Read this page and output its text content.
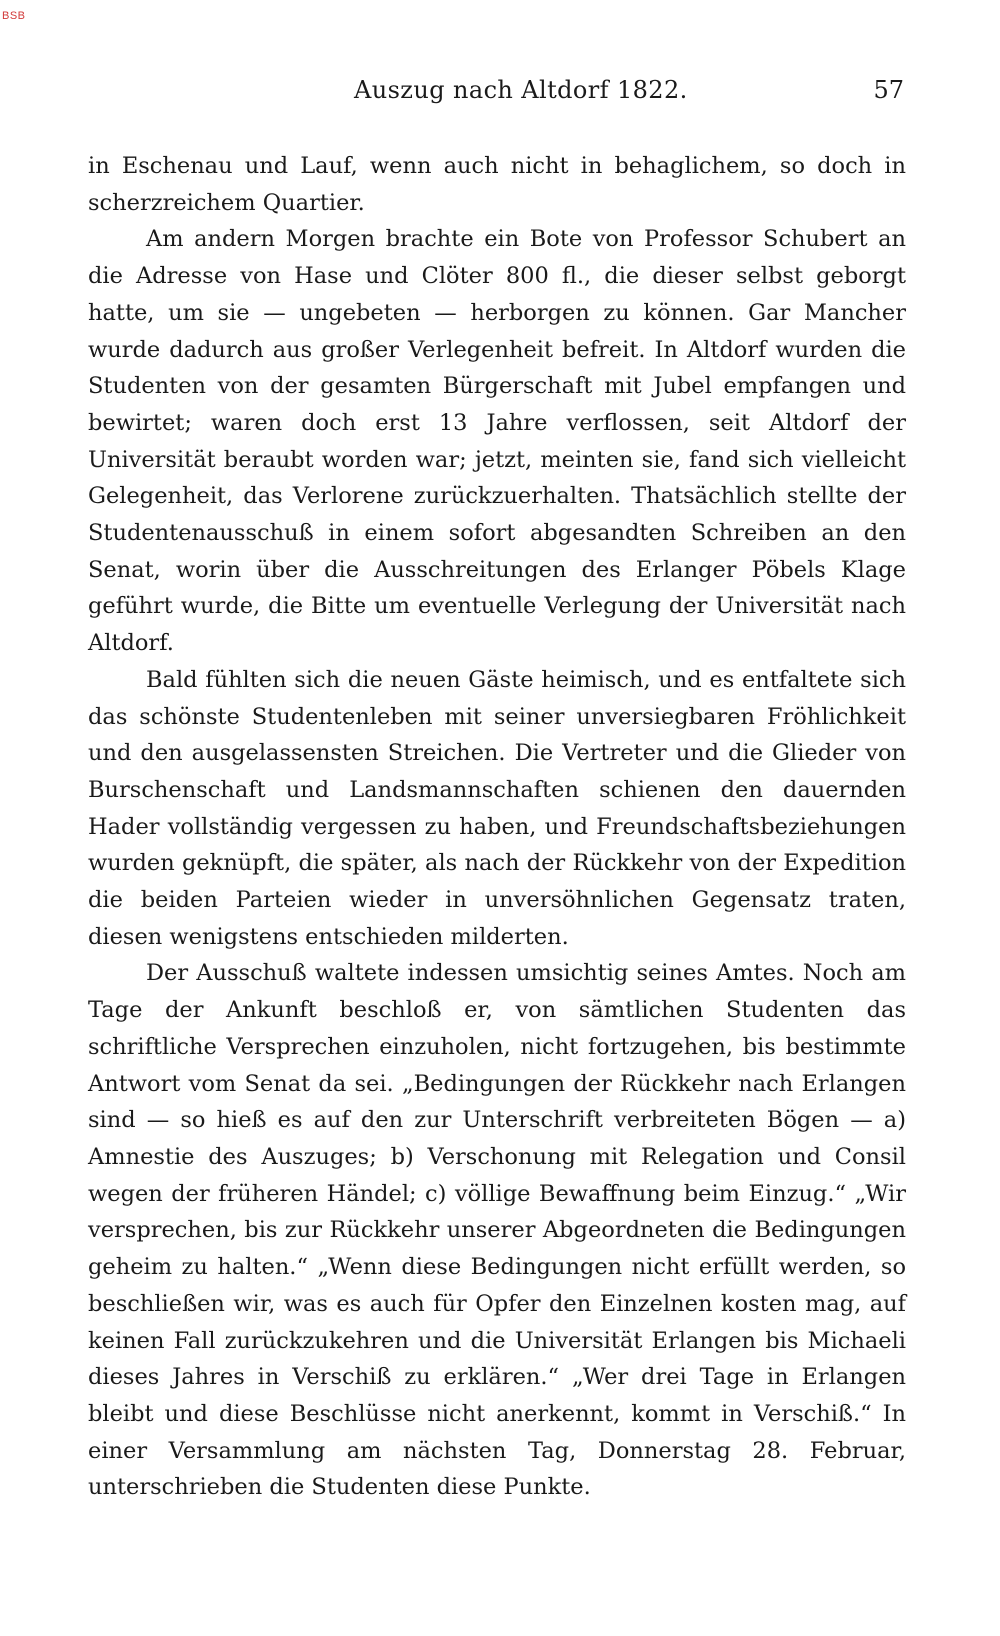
BSB
Auszug nach Altdorf 1822.	57

in Eschenau und Lauf, wenn auch nicht in behaglichem, so doch in scherzreichem Quartier.

Am andern Morgen brachte ein Bote von Professor Schubert an die Adresse von Hase und Clöter 800 fl., die dieser selbst geborgt hatte, um sie — ungebeten — herborgen zu können. Gar Mancher wurde dadurch aus großer Verlegenheit befreit. In Altdorf wurden die Studenten von der gesamten Bürgerschaft mit Jubel empfangen und bewirtet; waren doch erst 13 Jahre verflossen, seit Altdorf der Universität beraubt worden war; jetzt, meinten sie, fand sich vielleicht Gelegenheit, das Verlorene zurückzuerhalten. Thatsächlich stellte der Studentenausschuß in einem sofort abgesandten Schreiben an den Senat, worin über die Ausschreitungen des Erlanger Pöbels Klage geführt wurde, die Bitte um eventuelle Verlegung der Universität nach Altdorf.

Bald fühlten sich die neuen Gäste heimisch, und es entfaltete sich das schönste Studentenleben mit seiner unversiegbaren Fröhlichkeit und den ausgelassensten Streichen. Die Vertreter und die Glieder von Burschenschaft und Landsmannschaften schienen den dauernden Hader vollständig vergessen zu haben, und Freundschaftsbeziehungen wurden geknüpft, die später, als nach der Rückkehr von der Expedition die beiden Parteien wieder in unversöhnlichen Gegensatz traten, diesen wenigstens entschieden milderten.

Der Ausschuß waltete indessen umsichtig seines Amtes. Noch am Tage der Ankunft beschloß er, von sämtlichen Studenten das schriftliche Versprechen einzuholen, nicht fortzugehen, bis bestimmte Antwort vom Senat da sei. „Bedingungen der Rückkehr nach Erlangen sind — so hieß es auf den zur Unterschrift verbreiteten Bögen — a) Amnestie des Auszuges; b) Verschonung mit Relegation und Consil wegen der früheren Händel; c) völlige Bewaffnung beim Einzug.“ „Wir versprechen, bis zur Rückkehr unserer Abgeordneten die Bedingungen geheim zu halten.“ „Wenn diese Bedingungen nicht erfüllt werden, so beschließen wir, was es auch für Opfer den Einzelnen kosten mag, auf keinen Fall zurückzukehren und die Universität Erlangen bis Michaeli dieses Jahres in Verschiß zu erklären.“ „Wer drei Tage in Erlangen bleibt und diese Beschlüsse nicht anerkennt, kommt in Verschiß.“ In einer Versammlung am nächsten Tag, Donnerstag 28. Februar, unterschrieben die Studenten diese Punkte.
